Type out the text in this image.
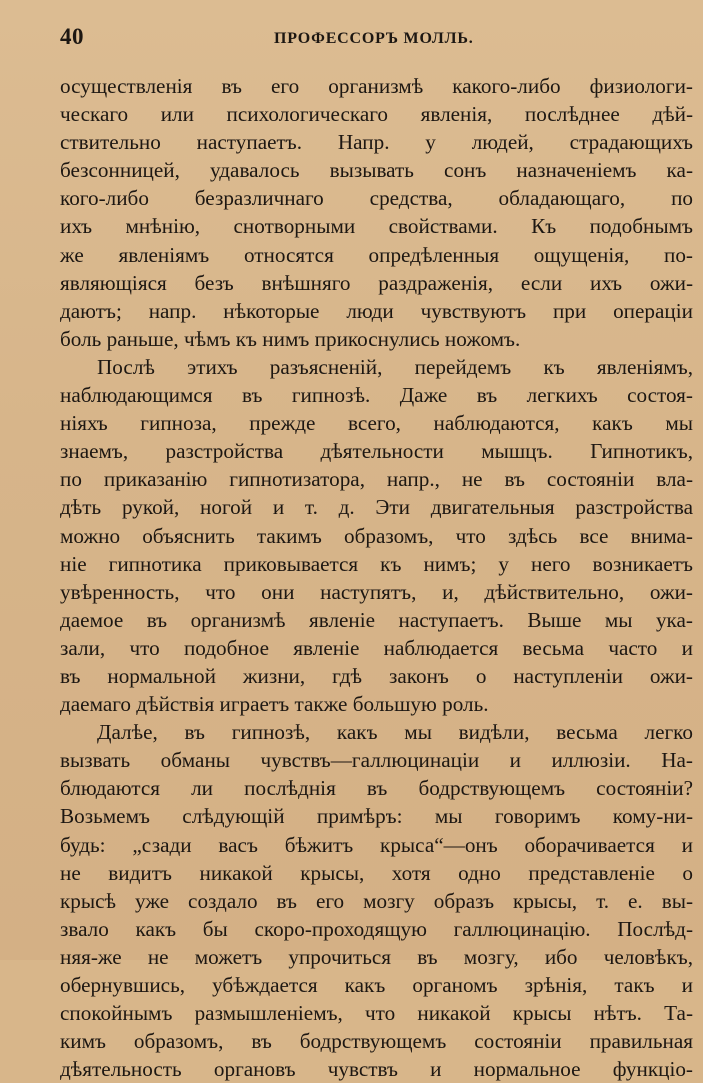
40	ПРОФЕССОРЪ МОЛЛЬ.
осуществленія въ его организмѣ какого-либо физиологи-
ческаго или психологическаго явленія, послѣднее дѣй-
ствительно наступаетъ. Напр. у людей, страдающихъ
безсонницей, удавалось вызывать сонъ назначеніемъ ка-
кого-либо безразличнаго средства, обладающаго, по
ихъ мнѣнію, снотворными свойствами. Къ подобнымъ
же явленіямъ относятся опредѣленныя ощущенія, по-
являющіяся безъ внѣшняго раздраженія, если ихъ ожи-
даютъ; напр. нѣкоторые люди чувствуютъ при операціи
боль раньше, чѣмъ къ нимъ прикоснулись ножомъ.
Послѣ этихъ разъясненій, перейдемъ къ явленіямъ,
наблюдающимся въ гипнозѣ. Даже въ легкихъ состоя-
ніяхъ гипноза, прежде всего, наблюдаются, какъ мы
знаемъ, разстройства дѣятельности мышцъ. Гипнотикъ,
по приказанію гипнотизатора, напр., не въ состояніи вла-
дѣть рукой, ногой и т. д. Эти двигательныя разстройства
можно объяснить такимъ образомъ, что здѣсь все внима-
ніе гипнотика приковывается къ нимъ; у него возникаетъ
увѣренность, что они наступятъ, и, дѣйствительно, ожи-
даемое въ организмѣ явленіе наступаетъ. Выше мы ука-
зали, что подобное явленіе наблюдается весьма часто и
въ нормальной жизни, гдѣ законъ о наступленіи ожи-
даемаго дѣйствія играетъ также большую роль.
Далѣе, въ гипнозѣ, какъ мы видѣли, весьма легко
вызвать обманы чувствъ—галлюцинаціи и иллюзіи. На-
блюдаются ли послѣднія въ бодрствующемъ состояніи?
Возьмемъ слѣдующій примѣръ: мы говоримъ кому-ни-
будь: „сзади васъ бѣжитъ крыса“—онъ оборачивается и
не видитъ никакой крысы, хотя одно представленіе о
крысѣ уже создало въ его мозгу образъ крысы, т. е. вы-
звало какъ бы скоро-проходящую галлюцинацію. Послѣд-
няя-же не можетъ упрочиться въ мозгу, ибо человѣкъ,
обернувшись, убѣждается какъ органомъ зрѣнія, такъ и
спокойнымъ размышленіемъ, что никакой крысы нѣтъ. Та-
кимъ образомъ, въ бодрствующемъ состояніи правильная
дѣятельность органовъ чувствъ и нормальное функціо-
